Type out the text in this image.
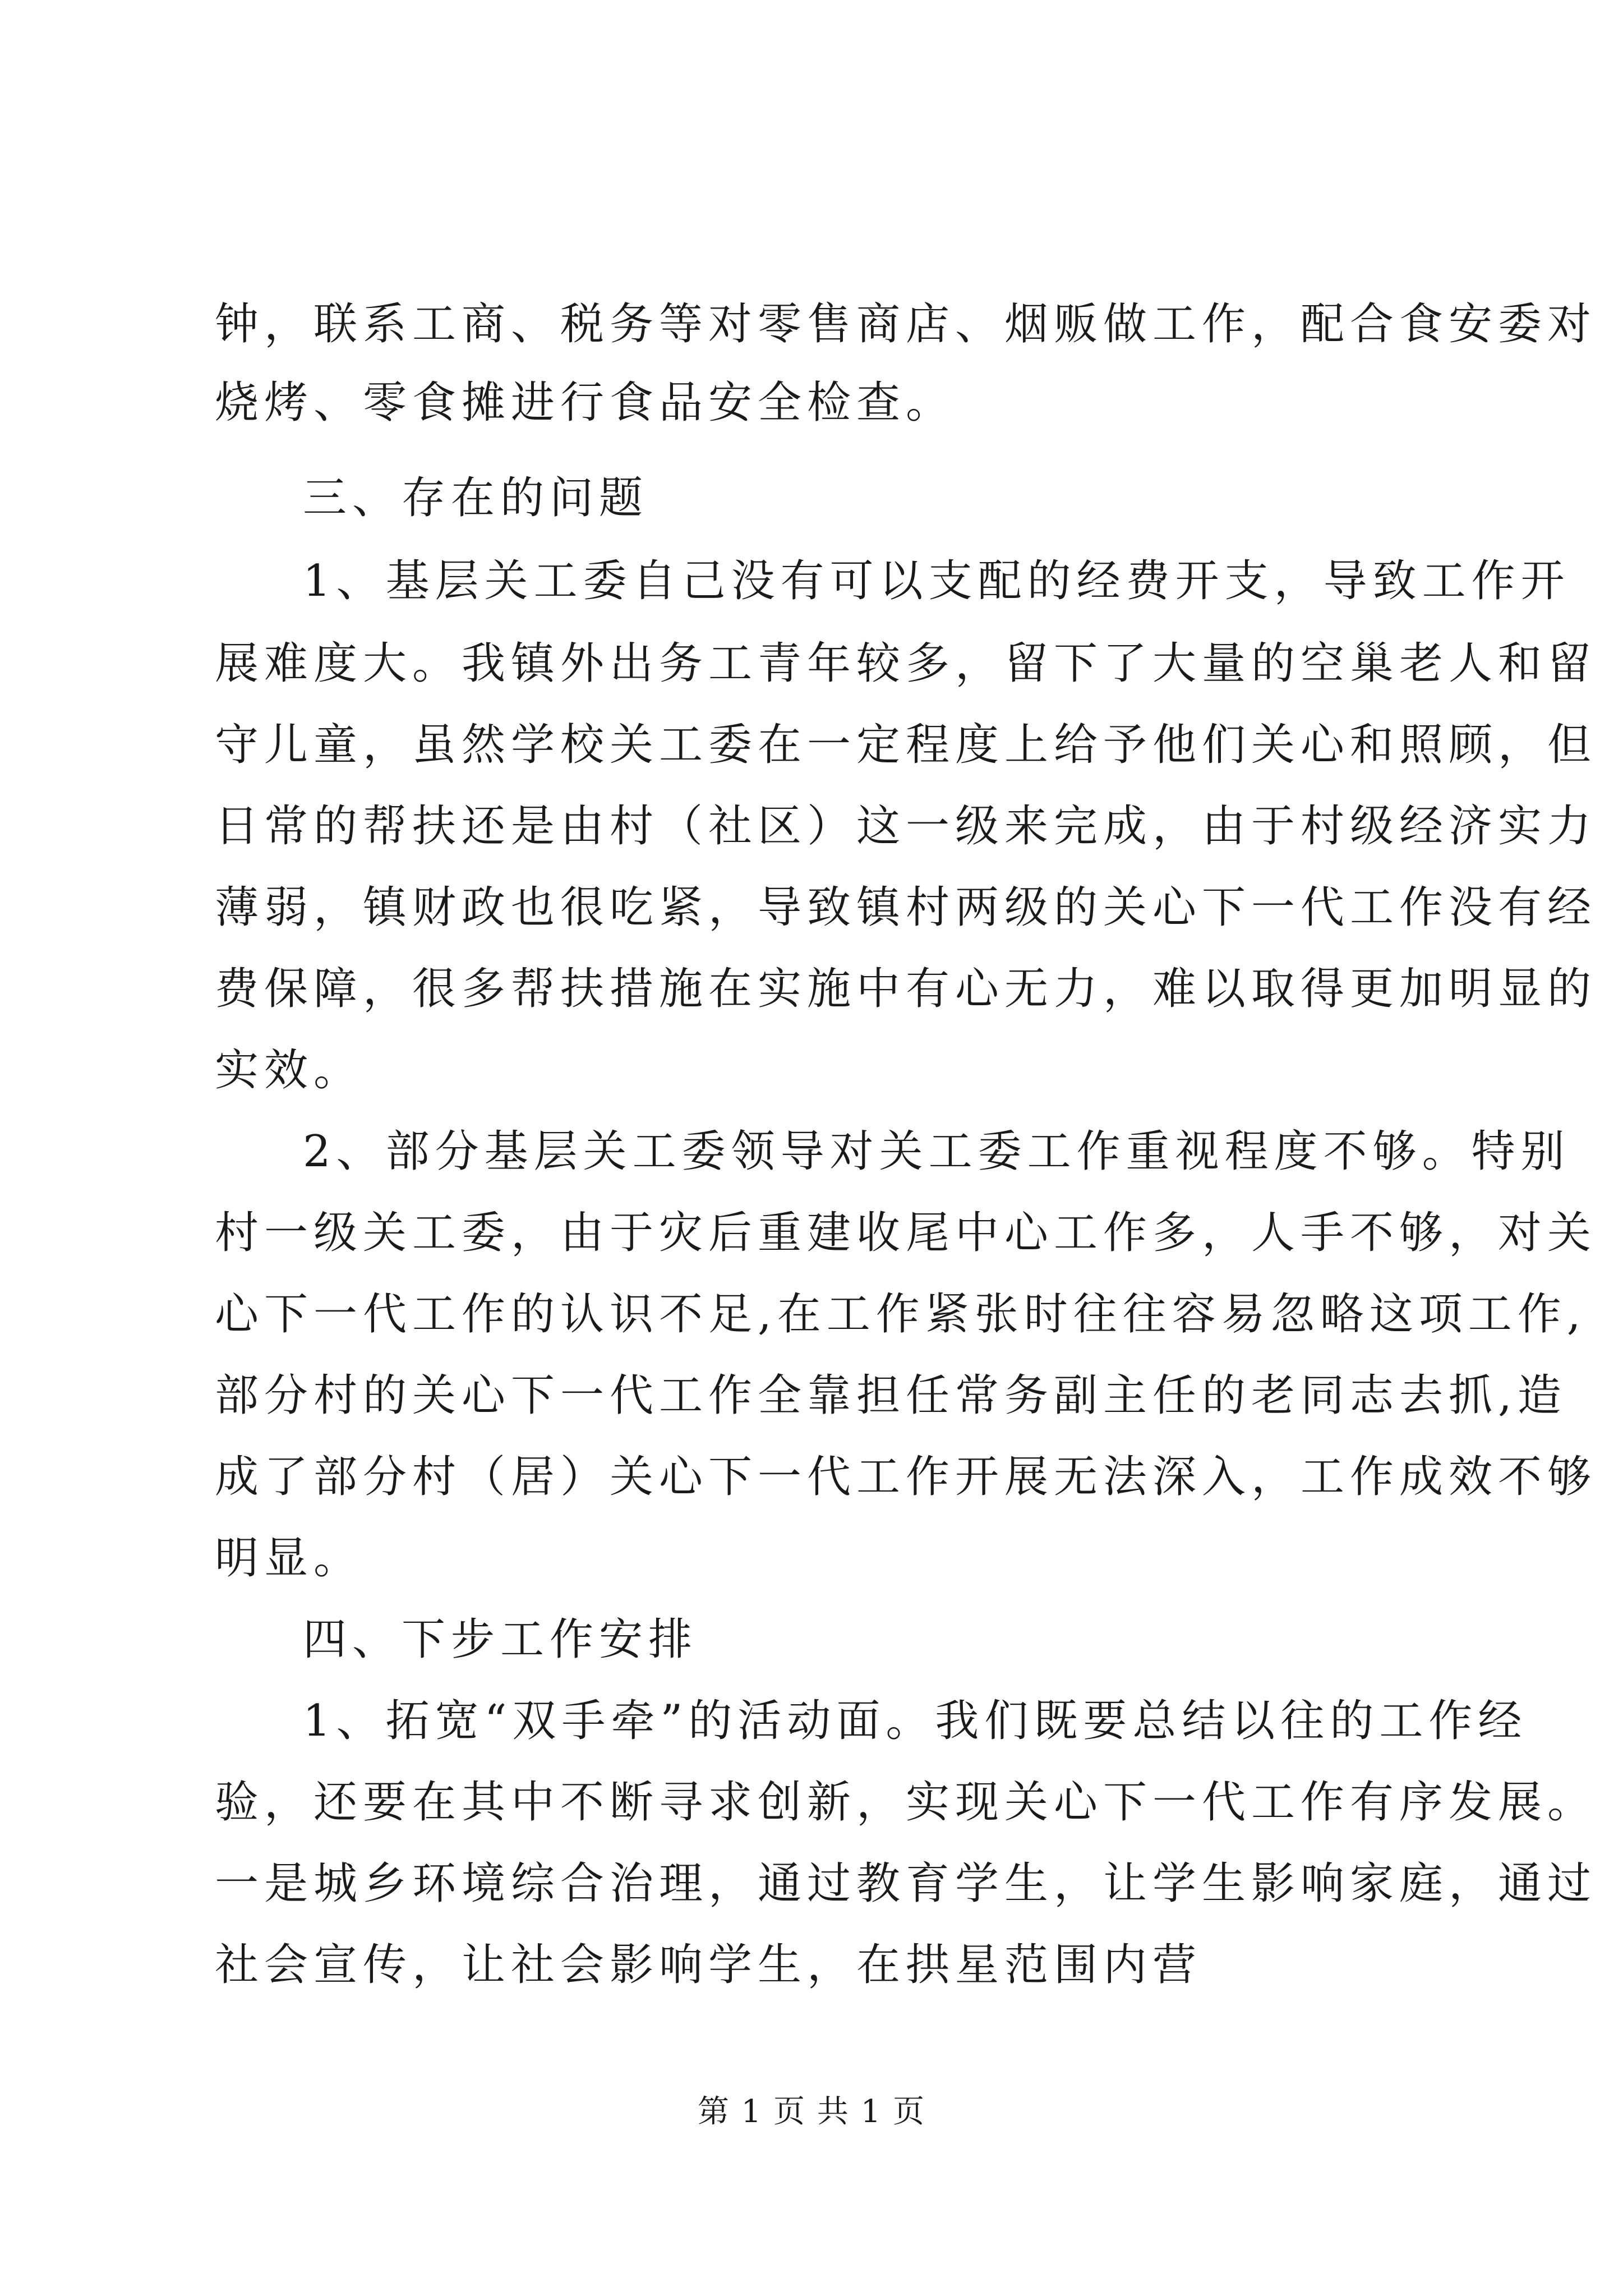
钟，联系工商、税务等对零售商店、烟贩做工作，配合食安委对
烧烤、零食摊进行食品安全检查。
三、存在的问题
1、基层关工委自己没有可以支配的经费开支，导致工作开
展难度大。我镇外出务工青年较多，留下了大量的空巢老人和留
守儿童，虽然学校关工委在一定程度上给予他们关心和照顾，但
日常的帮扶还是由村（社区）这一级来完成，由于村级经济实力
薄弱，镇财政也很吃紧，导致镇村两级的关心下一代工作没有经
费保障，很多帮扶措施在实施中有心无力，难以取得更加明显的
实效。
2、部分基层关工委领导对关工委工作重视程度不够。特别
村一级关工委，由于灾后重建收尾中心工作多，人手不够，对关
心下一代工作的认识不足,在工作紧张时往往容易忽略这项工作,
部分村的关心下一代工作全靠担任常务副主任的老同志去抓,造
成了部分村（居）关心下一代工作开展无法深入，工作成效不够
明显。
四、下步工作安排
1、拓宽“双手牵”的活动面。我们既要总结以往的工作经
验，还要在其中不断寻求创新，实现关心下一代工作有序发展。
一是城乡环境综合治理，通过教育学生，让学生影响家庭，通过
社会宣传，让社会影响学生，在拱星范围内营
第 1 页 共 1 页
